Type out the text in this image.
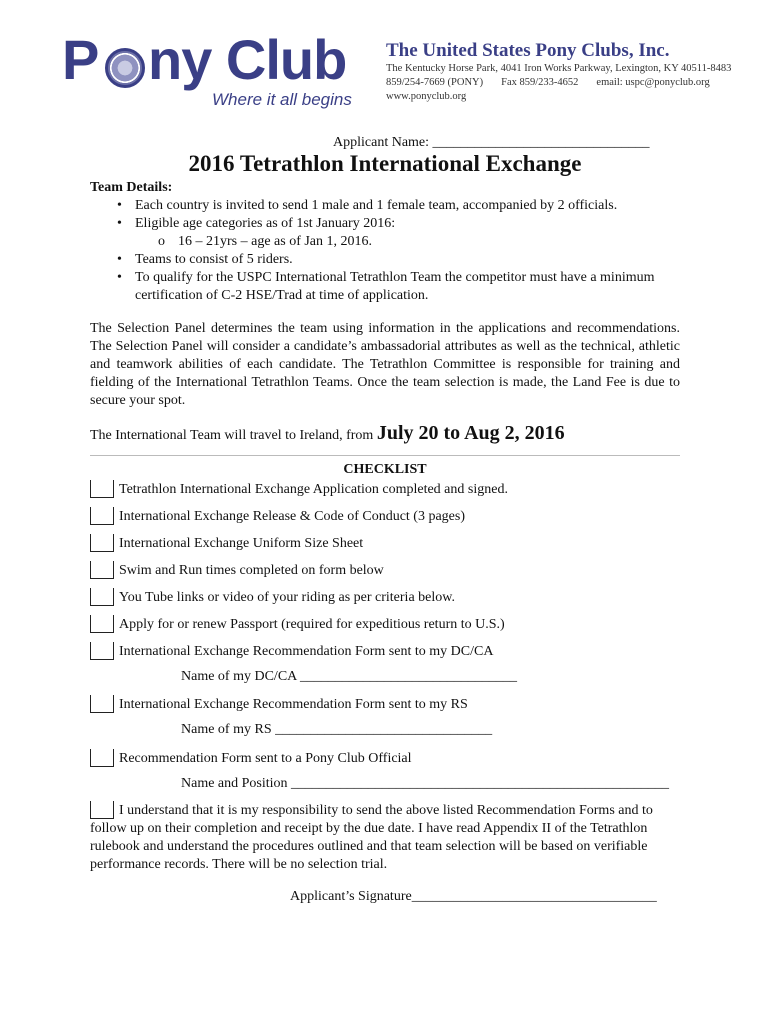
P ny Club
Where it all begins
The United States Pony Clubs, Inc.
The Kentucky Horse Park, 4041 Iron Works Parkway, Lexington, KY 40511-8483
859/254-7669 (PONY) Fax 859/233-4652 email: uspc@ponyclub.org
www.ponyclub.org
Applicant Name: _______________________________
2016 Tetrathlon International Exchange
Team Details:
• Each country is invited to send 1 male and 1 female team, accompanied by 2 officials.
• Eligible age categories as of 1st January 2016:
o 16 – 21yrs – age as of Jan 1, 2016.
• Teams to consist of 5 riders.
• To qualify for the USPC International Tetrathlon Team the competitor must have a minimum certification of C-2 HSE/Trad at time of application.
The Selection Panel determines the team using information in the applications and recommendations. The Selection Panel will consider a candidate’s ambassadorial attributes as well as the technical, athletic and teamwork abilities of each candidate. The Tetrathlon Committee is responsible for training and fielding of the International Tetrathlon Teams. Once the team selection is made, the Land Fee is due to secure your spot.
The International Team will travel to Ireland, from July 20 to Aug 2, 2016
CHECKLIST
Tetrathlon International Exchange Application completed and signed.
International Exchange Release & Code of Conduct (3 pages)
International Exchange Uniform Size Sheet
Swim and Run times completed on form below
You Tube links or video of your riding as per criteria below.
Apply for or renew Passport (required for expeditious return to U.S.)
International Exchange Recommendation Form sent to my DC/CA
Name of my DC/CA _______________________________
International Exchange Recommendation Form sent to my RS
Name of my RS _______________________________
Recommendation Form sent to a Pony Club Official
Name and Position ______________________________________________________
I understand that it is my responsibility to send the above listed Recommendation Forms and to follow up on their completion and receipt by the due date. I have read Appendix II of the Tetrathlon rulebook and understand the procedures outlined and that team selection will be based on verifiable performance records. There will be no selection trial.
Applicant’s Signature___________________________________
